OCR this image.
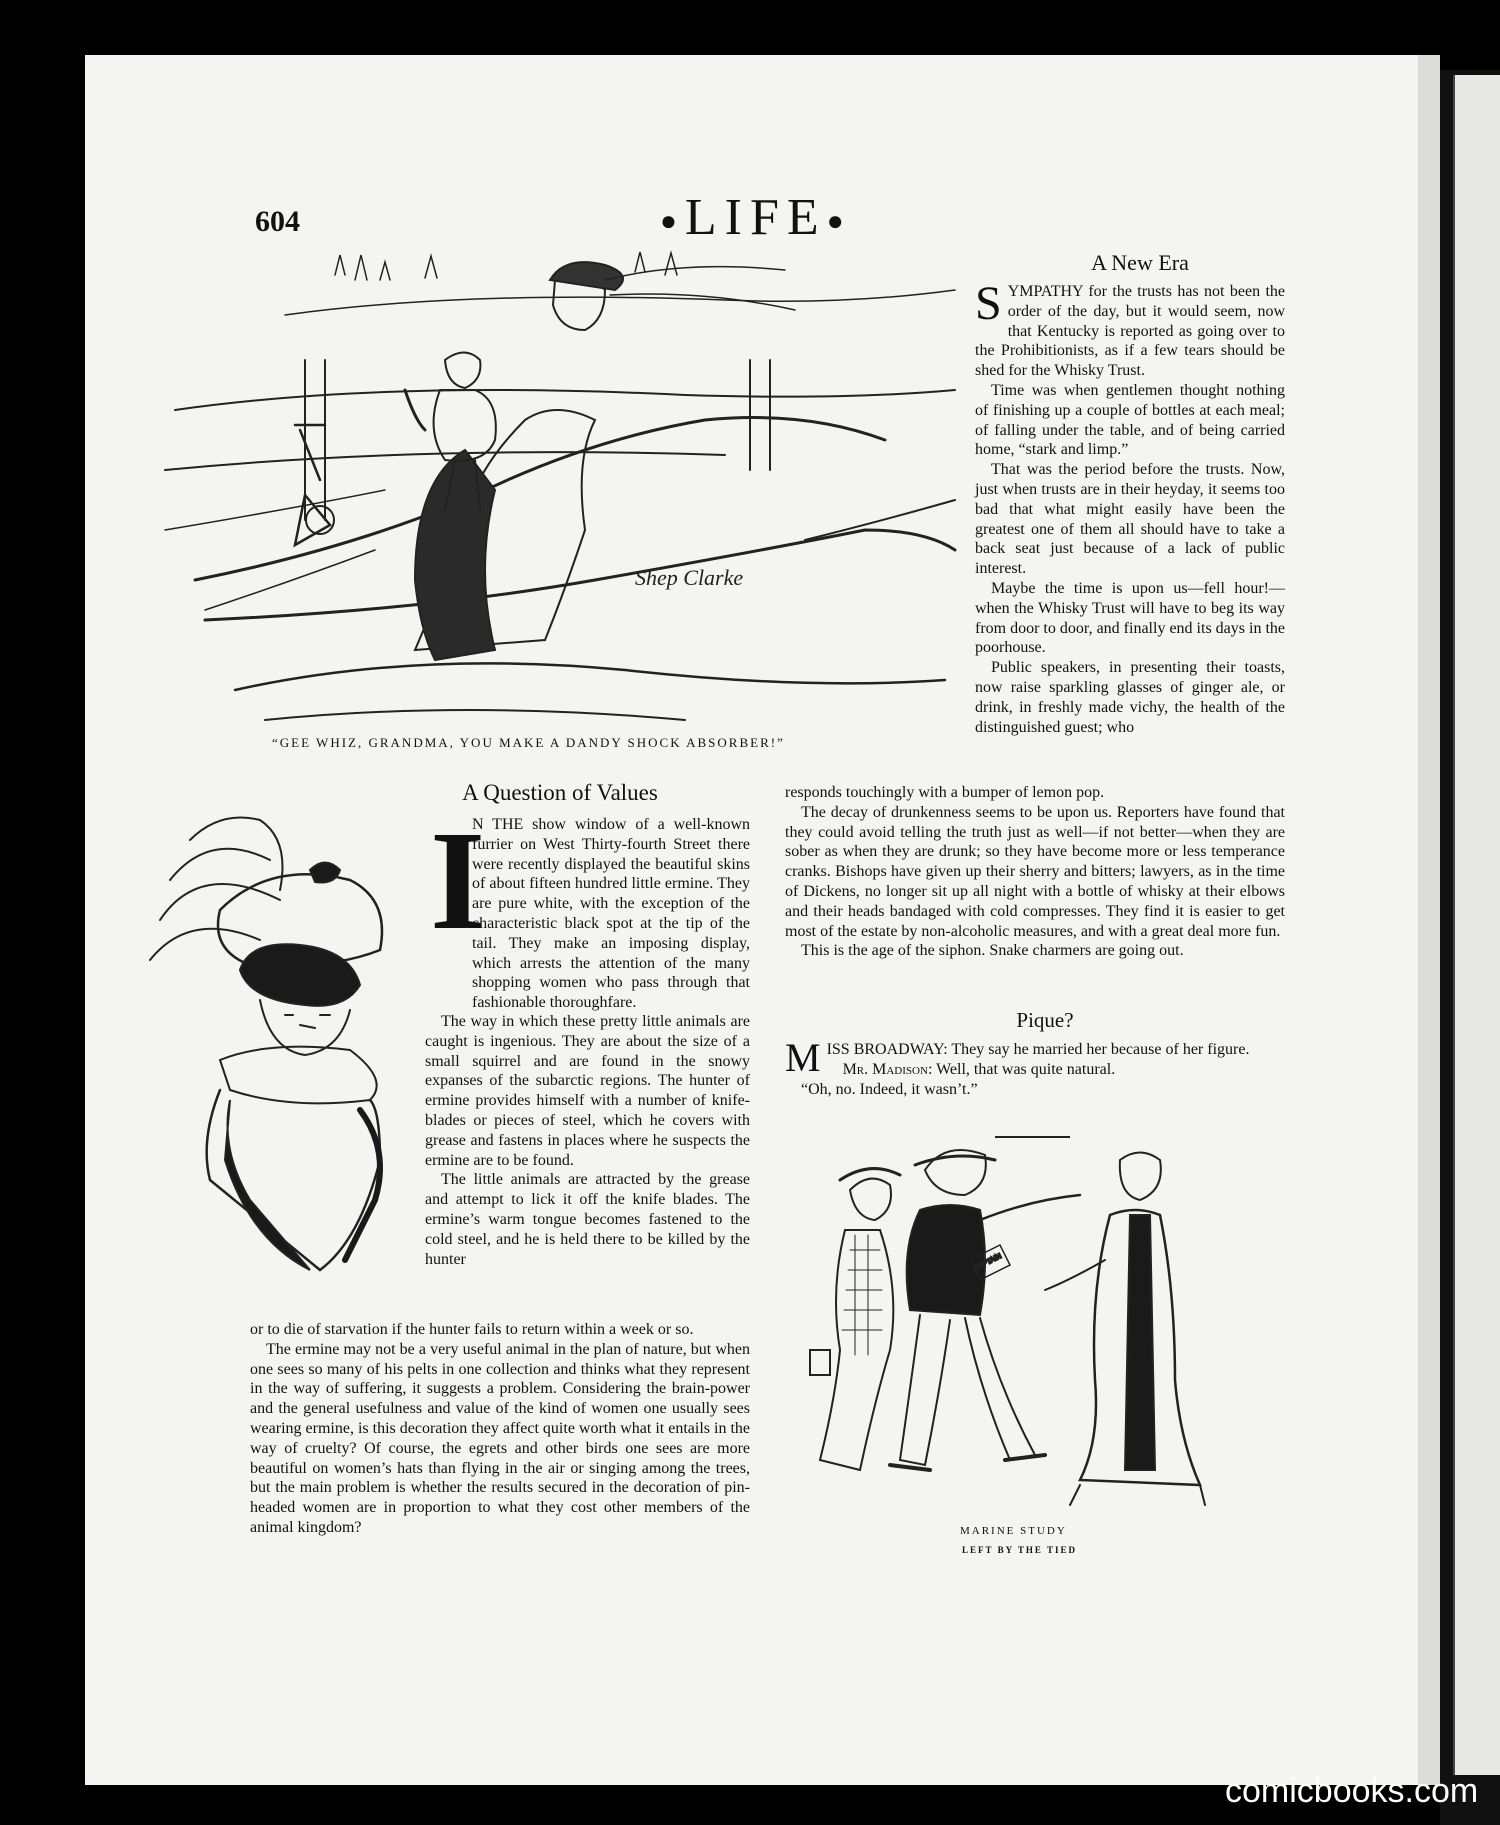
604	●LIFE●
Shep Clarke
“GEE WHIZ, GRANDMA, YOU MAKE A DANDY SHOCK ABSORBER!”
A New Era

SYMPATHY for the trusts has not been the order of the day, but it would seem, now that Kentucky is reported as going over to the Prohibitionists, as if a few tears should be shed for the Whisky Trust.

Time was when gentlemen thought nothing of finishing up a couple of bottles at each meal; of falling under the table, and of being carried home, “stark and limp.”

That was the period before the trusts. Now, just when trusts are in their heyday, it seems too bad that what might easily have been the greatest one of them all should have to take a back seat just because of a lack of public interest.

Maybe the time is upon us—fell hour!—when the Whisky Trust will have to beg its way from door to door, and finally end its days in the poorhouse.

Public speakers, in presenting their toasts, now raise sparkling glasses of ginger ale, or drink, in freshly made vichy, the health of the distinguished guest; who

responds touchingly with a bumper of lemon pop.

The decay of drunkenness seems to be upon us. Reporters have found that they could avoid telling the truth just as well—if not better—when they are sober as when they are drunk; so they have become more or less temperance cranks. Bishops have given up their sherry and bitters; lawyers, as in the time of Dickens, no longer sit up all night with a bottle of whisky at their elbows and their heads bandaged with cold compresses. They find it is easier to get most of the estate by non-alcoholic measures, and with a great deal more fun.

This is the age of the siphon. Snake charmers are going out.

Pique?

MISS BROADWAY: They say he married her because of her figure.

Mr. Madison: Well, that was quite natural.

“Oh, no. Indeed, it wasn’t.”

A Question of Values
I

N THE show window of a well-known furrier on West Thirty-fourth Street there were recently displayed the beautiful skins of about fifteen hundred little ermine. They are pure white, with the exception of the characteristic black spot at the tip of the tail. They make an imposing display, which arrests the attention of the many shopping women who pass through that fashionable thoroughfare.

The way in which these pretty little animals are caught is ingenious. They are about the size of a small squirrel and are found in the snowy expanses of the subarctic regions. The hunter of ermine provides himself with a number of knife-blades or pieces of steel, which he covers with grease and fastens in places where he suspects the ermine are to be found.

The little animals are attracted by the grease and attempt to lick it off the knife blades. The ermine’s warm tongue becomes fastened to the cold steel, and he is held there to be killed by the hunter

or to die of starvation if the hunter fails to return within a week or so.

The ermine may not be a very useful animal in the plan of nature, but when one sees so many of his pelts in one collection and thinks what they represent in the way of suffering, it suggests a problem. Considering the brain-power and the general usefulness and value of the kind of women one usually sees wearing ermine, is this decoration they affect quite worth what it entails in the way of cruelty? Of course, the egrets and other birds one sees are more beautiful on women’s hats than flying in the air or singing among the trees, but the main problem is whether the results secured in the decoration of pin-headed women are in proportion to what they cost other members of the animal kingdom?

CAPTAIN
MARINE STUDY
LEFT BY THE TIED
comicbooks.com
